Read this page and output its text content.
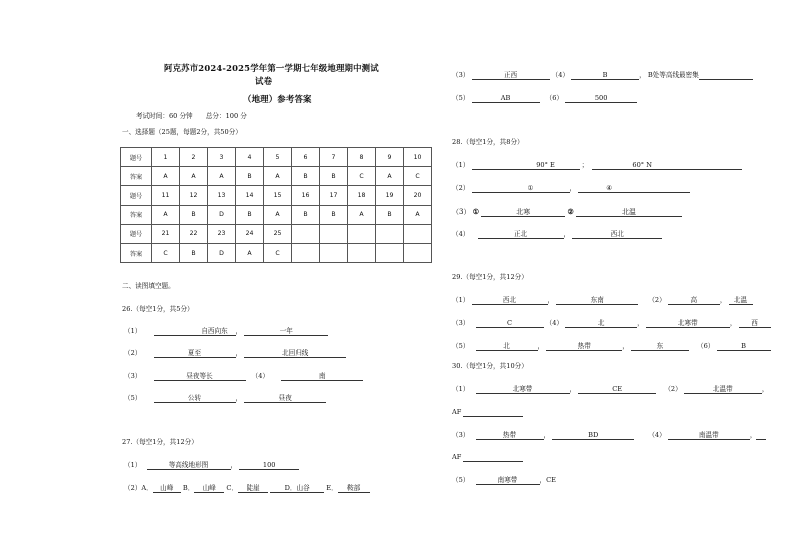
阿克苏市2024-2025学年第一学期七年级地理期中测试
试卷
（地理）参考答案
考试时间：60 分钟　　总分：100 分
一、选择题（25题，每题2分，共50分）
题号	1	2	3	4	5	6	7	8	9	10
答案	A	A	A	B	A	B	B	C	A	C
题号	11	12	13	14	15	16	17	18	19	20
答案	A	B	D	B	A	B	B	A	B	A
题号	21	22	23	24	25					
答案	C	B	D	A	C					
二、读图填空题。
26.（每空1分，共5分）
（1）	自西向东 ，	一年
（2）	夏至	，	北回归线
（3）	昼夜等长	（4）	南
（5）	公转	，	昼夜
27.（每空1分，共12分）
（1）	等高线地形图	，	100
（2）A． 山峰 B． 山峰 C． 陡崖	D．山谷	E． 鞍部
（3）	正西	（4）	B	， B处等高线最密集
（5）	AB	（6）	500
28.（每空1分，共8分）
（1）	90° E	；	60° N
（2）	①	，	④
（3） ①	北寒	②	北温
（4）	正北	，	西北
29.（每空1分，共12分）
（1）	西北	，	东南	（2）	高	， 北温
（3）	C	（4）	北	，	北寒带	， 西
（5）	北	，	热带	，	东	（6）	B
30.（每空1分，共10分）
（1）	北寒带	，	CE	（2）	北温带	，
AF
（3）	热带	，	BD	（4）	南温带	，
AF
（5）	南寒带	，CE
